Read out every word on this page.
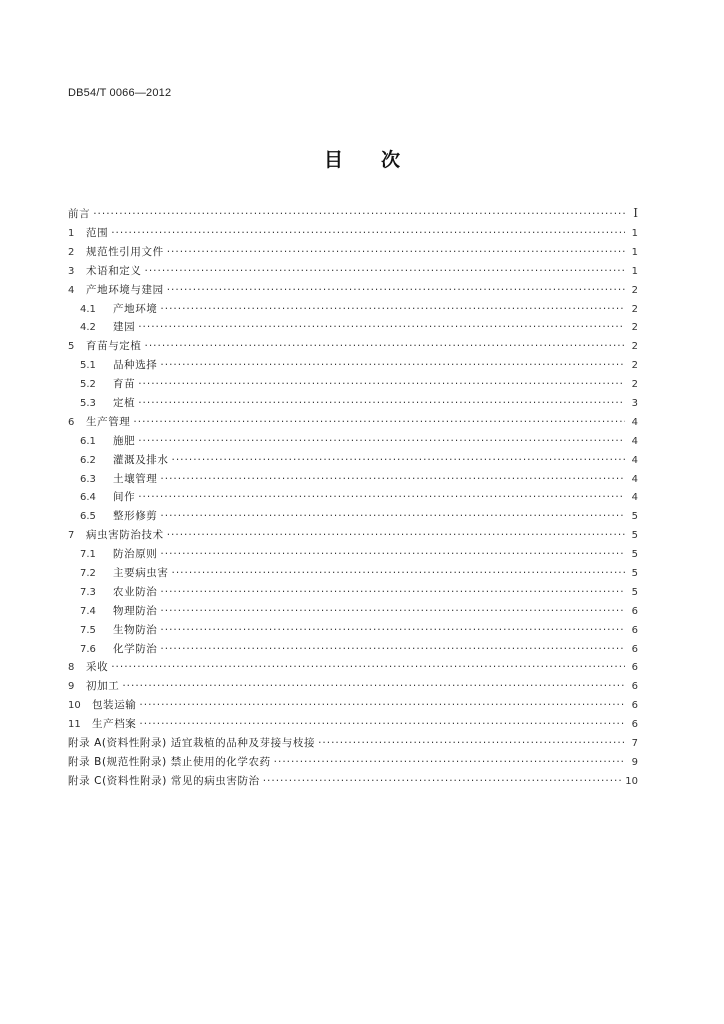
DB54/T 0066—2012
目次
前言 ·····	I
1	范围 ·····	1
2	规范性引用文件 ·····	1
3	术语和定义 ·····	1
4	产地环境与建园 ·····	2
4.1	产地环境 ·····	2
4.2	建园 ·····	2
5	育苗与定植 ·····	2
5.1	品种选择 ·····	2
5.2	育苗 ·····	2
5.3	定植 ·····	3
6	生产管理 ·····	4
6.1	施肥 ·····	4
6.2	灌溉及排水 ·····	4
6.3	土壤管理 ·····	4
6.4	间作 ·····	4
6.5	整形修剪 ·····	5
7	病虫害防治技术 ·····	5
7.1	防治原则 ·····	5
7.2	主要病虫害 ·····	5
7.3	农业防治 ·····	5
7.4	物理防治 ·····	6
7.5	生物防治 ·····	6
7.6	化学防治 ·····	6
8	采收 ·····	6
9	初加工 ·····	6
10	包装运输 ·····	6
11	生产档案 ·····	6
附录 A(资料性附录) 适宜栽植的品种及芽接与枝接 ·····	7
附录 B(规范性附录) 禁止使用的化学农药 ·····	9
附录 C(资料性附录) 常见的病虫害防治 ·····	10
